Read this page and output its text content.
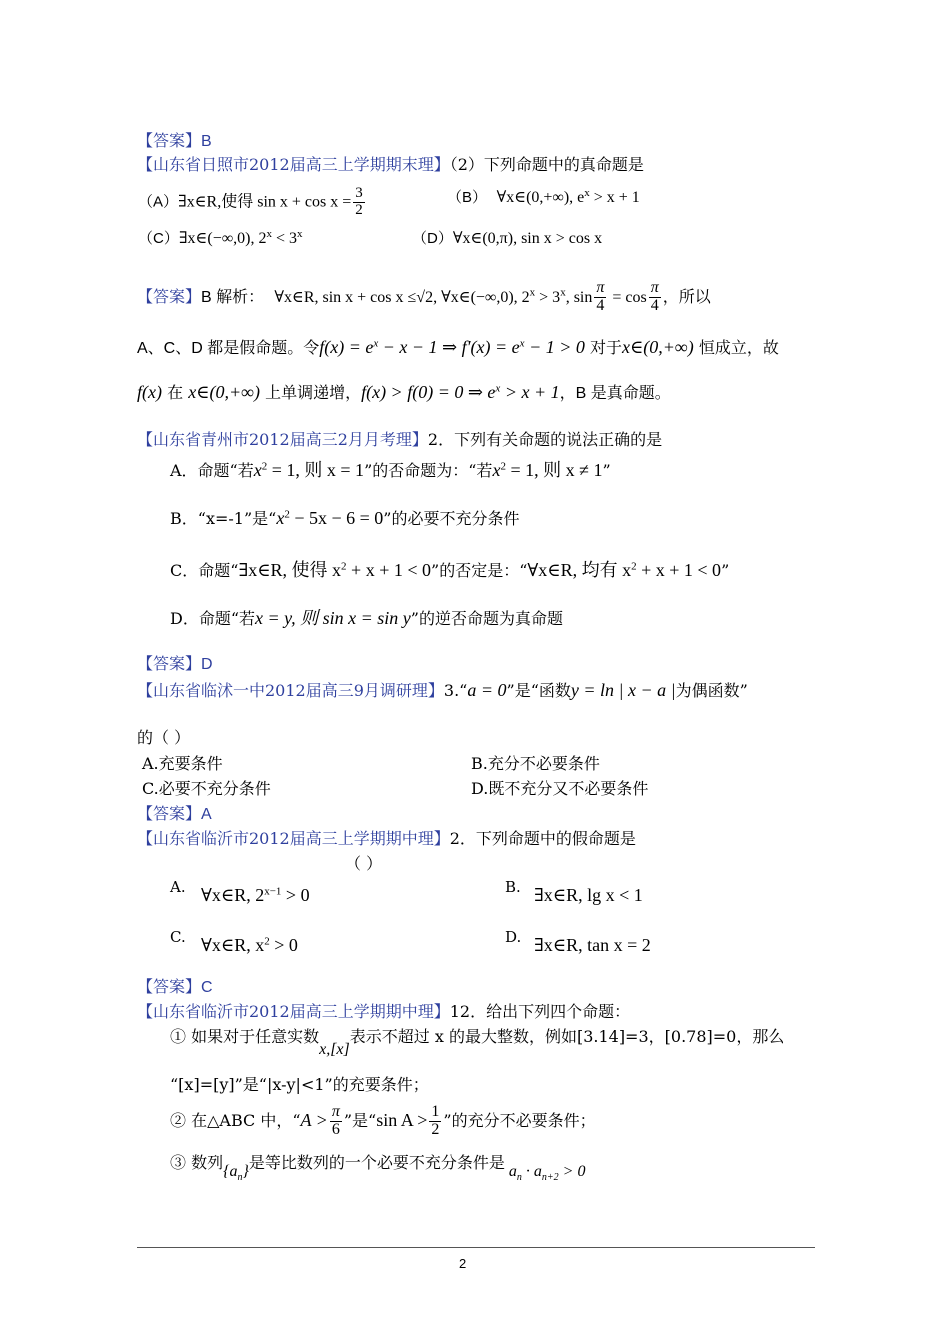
【答案】B
【山东省日照市2012届高三上学期期末理】（2）下列命题中的真命题是
（A）∃x∈R,使得 $\sin x + \cos x = \frac{3}{2}$	（B） ∀x∈(0,+∞), $e^x > x + 1$
（C）∃x∈(−∞,0), $2^x < 3^x$	（D）∀x∈(0,π), sin x > cos x
【答案】B 解析： ∀x∈R, sin x + cos x ≤√2, ∀x∈(−∞,0), $2^x > 3^x$, $\sin \frac{\pi}{4} = \cos \frac{\pi}{4}$ ，所以
A、C、D 都是假命题。令$f(x) = e^x - x - 1$ ⇒ $f'(x) = e^x - 1 > 0$ 对于x∈(0,+∞) 恒成立，故
f(x) 在 x∈(0,+∞) 上单调递增，f(x) > f(0) = 0 ⇒ $e^x > x + 1$，B 是真命题。
【山东省青州市2012届高三2月月考理】2．下列有关命题的说法正确的是
A．命题“若$x^2 = 1$, 则 x = 1”的否命题为：“若$x^2 = 1$, 则 x ≠ 1”
B．“x=-1”是“$x^2 - 5x - 6 = 0$”的必要不充分条件
C．命题“∃x∈R, 使得 $x^2 + x + 1 < 0$”的否定是：“∀x∈R, 均有 $x^2 + x + 1 < 0$”
D．命题“若x = y, 则 sin x = sin y”的逆否命题为真命题
【答案】D
【山东省临沭一中2012届高三9月调研理】3.“a = 0”是“函数y = ln | x − a |为偶函数”
的（ ）
A.充要条件	B.充分不必要条件
C.必要不充分条件	D.既不充分又不必要条件
【答案】A
【山东省临沂市2012届高三上学期期中理】2．下列命题中的假命题是
（ ）
A. ∀x∈R, $2^{x-1} > 0$	B. ∃x∈R, lg x < 1
C. ∀x∈R, $x^2 > 0$	D. ∃x∈R, tan x = 2
【答案】C
【山东省临沂市2012届高三上学期期中理】12．给出下列四个命题：
① 如果对于任意实数x,[x]表示不超过 x 的最大整数，例如[3.14]=3，[0.78]=0，那么
“[x]=[y]”是“|x-y|<1”的充要条件；
② 在△ABC 中，“$A > \frac{\pi}{6}$ ”是“sin $A > \frac{1}{2}$ ”的充分不必要条件；
③ 数列$\{a_n\}$是等比数列的一个必要不充分条件是 $a_n \cdot a_{n+2} > 0$
2
